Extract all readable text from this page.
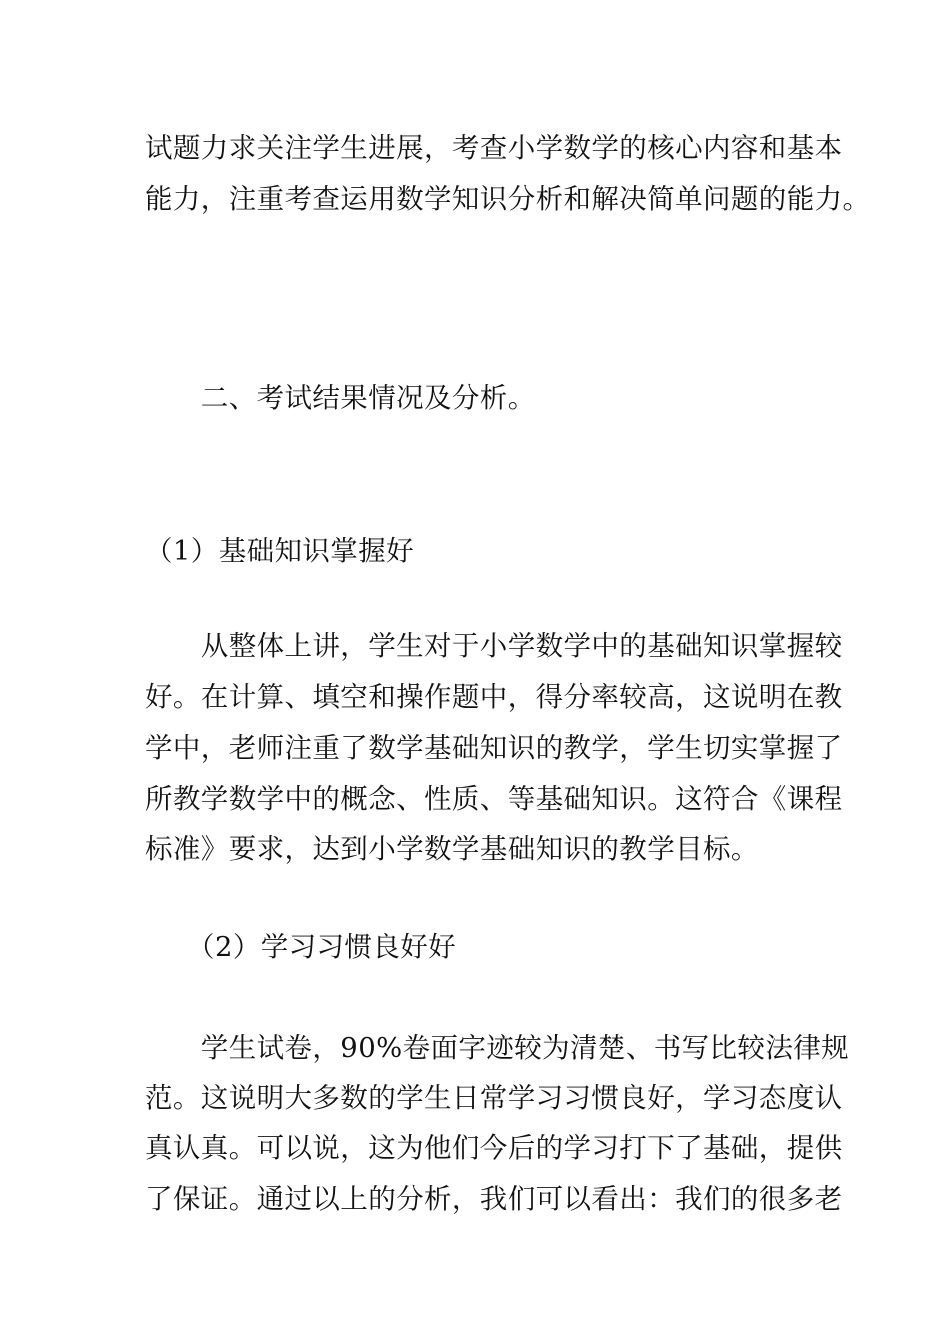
试题力求关注学生进展，考查小学数学的核心内容和基本
能力，注重考查运用数学知识分析和解决简单问题的能力。
　　二、考试结果情况及分析。
（1）基础知识掌握好
　　从整体上讲，学生对于小学数学中的基础知识掌握较
好。在计算、填空和操作题中，得分率较高，这说明在教
学中，老师注重了数学基础知识的教学，学生切实掌握了
所教学数学中的概念、性质、等基础知识。这符合《课程
标准》要求，达到小学数学基础知识的教学目标。
　　（2）学习习惯良好好
　　学生试卷，90%卷面字迹较为清楚、书写比较法律规
范。这说明大多数的学生日常学习习惯良好，学习态度认
真认真。可以说，这为他们今后的学习打下了基础，提供
了保证。通过以上的分析，我们可以看出：我们的很多老
